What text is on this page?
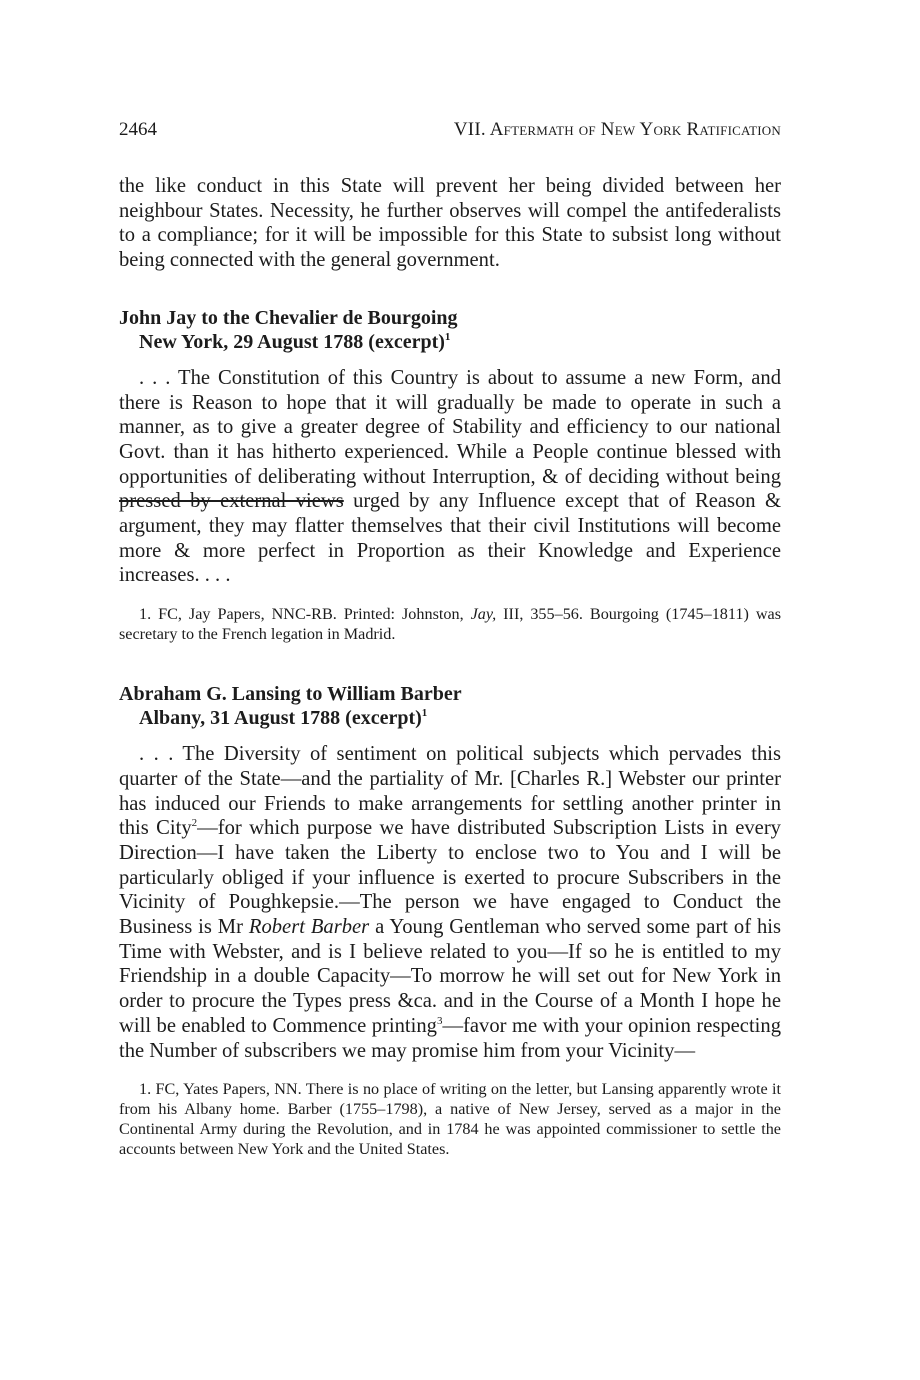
2464	VII. Aftermath of New York Ratification

the like conduct in this State will prevent her being divided between her neighbour States. Necessity, he further observes will compel the antifederalists to a compliance; for it will be impossible for this State to subsist long without being connected with the general government.

John Jay to the Chevalier de Bourgoing
New York, 29 August 1788 (excerpt)$^1$

. . . The Constitution of this Country is about to assume a new Form, and there is Reason to hope that it will gradually be made to operate in such a manner, as to give a greater degree of Stability and efficiency to our national Govt. than it has hitherto experienced. While a People continue blessed with opportunities of deliberating without Interruption, & of deciding without being pressed by external views urged by any Influence except that of Reason & argument, they may flatter themselves that their civil Institutions will become more & more perfect in Proportion as their Knowledge and Experience increases. . . .

1. FC, Jay Papers, NNC-RB. Printed: Johnston, Jay, III, 355–56. Bourgoing (1745–1811) was secretary to the French legation in Madrid.

Abraham G. Lansing to William Barber
Albany, 31 August 1788 (excerpt)$^1$

. . . The Diversity of sentiment on political subjects which pervades this quarter of the State—and the partiality of Mr. [Charles R.] Webster our printer has induced our Friends to make arrangements for settling another printer in this City$^2$—for which purpose we have distributed Subscription Lists in every Direction—I have taken the Liberty to enclose two to You and I will be particularly obliged if your influence is exerted to procure Subscribers in the Vicinity of Poughkepsie.—The person we have engaged to Conduct the Business is Mr Robert Barber a Young Gentleman who served some part of his Time with Webster, and is I believe related to you—If so he is entitled to my Friendship in a double Capacity—To morrow he will set out for New York in order to procure the Types press &ca. and in the Course of a Month I hope he will be enabled to Commence printing$^3$—favor me with your opinion respecting the Number of subscribers we may promise him from your Vicinity—

1. FC, Yates Papers, NN. There is no place of writing on the letter, but Lansing apparently wrote it from his Albany home. Barber (1755–1798), a native of New Jersey, served as a major in the Continental Army during the Revolution, and in 1784 he was appointed commissioner to settle the accounts between New York and the United States.
